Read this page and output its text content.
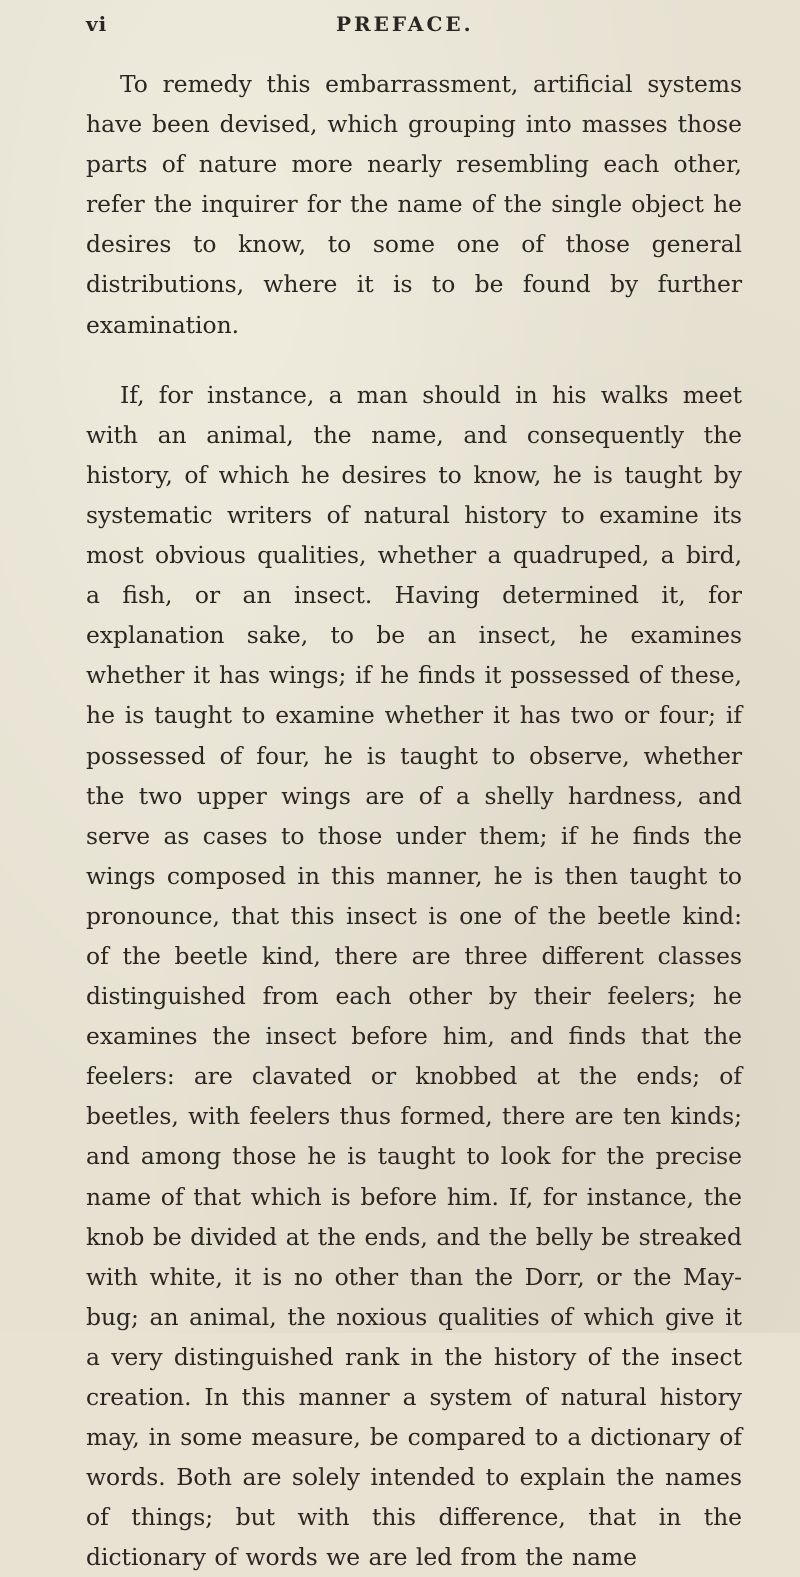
vi	PREFACE.

To remedy this embarrassment, artificial systems have been devised, which grouping into masses those parts of nature more nearly resembling each other, refer the inquirer for the name of the single object he desires to know, to some one of those general distributions, where it is to be found by further examination.

If, for instance, a man should in his walks meet with an animal, the name, and consequently the history, of which he desires to know, he is taught by systematic writers of natural history to examine its most obvious qualities, whether a quadruped, a bird, a fish, or an insect. Having determined it, for explanation sake, to be an insect, he examines whether it has wings; if he finds it possessed of these, he is taught to examine whether it has two or four; if possessed of four, he is taught to observe, whether the two upper wings are of a shelly hardness, and serve as cases to those under them; if he finds the wings composed in this manner, he is then taught to pronounce, that this insect is one of the beetle kind: of the beetle kind, there are three different classes distinguished from each other by their feelers; he examines the insect before him, and finds that the feelers: are clavated or knobbed at the ends; of beetles, with feelers thus formed, there are ten kinds; and among those he is taught to look for the precise name of that which is before him. If, for instance, the knob be divided at the ends, and the belly be streaked with white, it is no other than the Dorr, or the May-bug; an animal, the noxious qualities of which give it a very distinguished rank in the history of the insect creation. In this manner a system of natural history may, in some measure, be compared to a dictionary of words. Both are solely intended to explain the names of things; but with this difference, that in the dictionary of words we are led from the name
